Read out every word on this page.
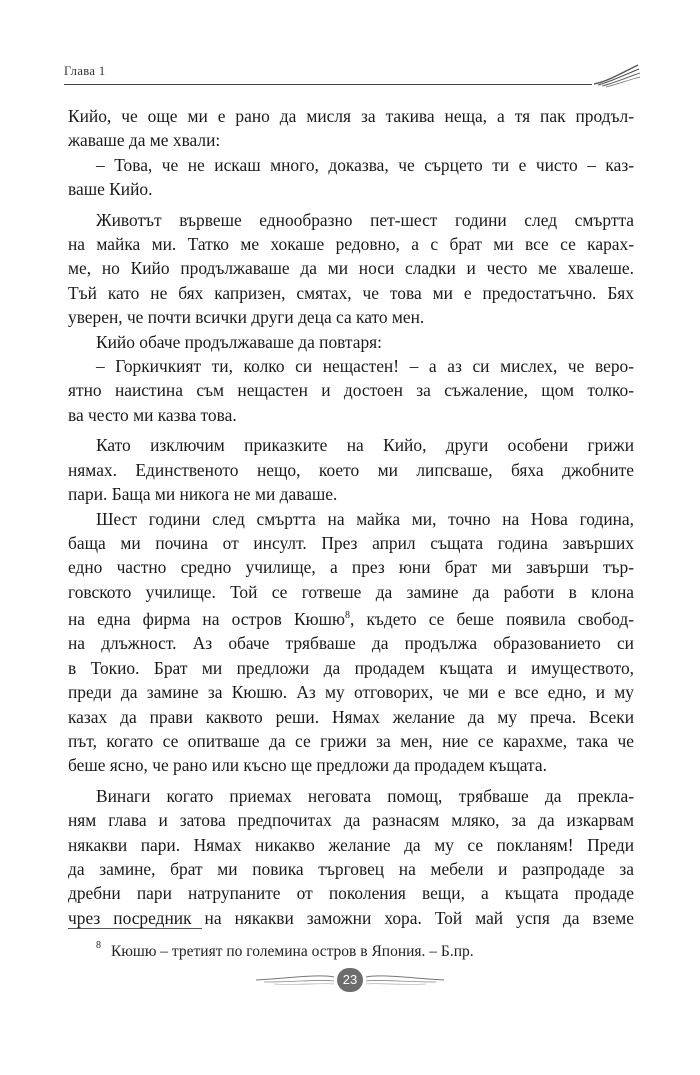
Глава 1

Кийо, че още ми е рано да мисля за такива неща, а тя пак продъл-

жаваше да ме хвали:

– Това, че не искаш много, доказва, че сърцето ти е чисто – каз-

ваше Кийо.

Животът вървеше еднообразно пет-шест години след смъртта

на майка ми. Татко ме хокаше редовно, а с брат ми все се карах-

ме, но Кийо продължаваше да ми носи сладки и често ме хвалеше.

Тъй като не бях капризен, смятах, че това ми е предостатъчно. Бях

уверен, че почти всички други деца са като мен.

Кийо обаче продължаваше да повтаря:

– Горкичкият ти, колко си нещастен! – а аз си мислех, че веро-

ятно наистина съм нещастен и достоен за съжаление, щом толко-

ва често ми казва това.

Като изключим приказките на Кийо, други особени грижи

нямах. Единственото нещо, което ми липсваше, бяха джобните

пари. Баща ми никога не ми даваше.

Шест години след смъртта на майка ми, точно на Нова година,

баща ми почина от инсулт. През април същата година завърших

едно частно средно училище, а през юни брат ми завърши тър-

говското училище. Той се готвеше да замине да работи в клона

на една фирма на остров Кюшю$^8$, където се беше появила свобод-

на длъжност. Аз обаче трябваше да продължа образованието си

в Токио. Брат ми предложи да продадем къщата и имуществото,

преди да замине за Кюшю. Аз му отговорих, че ми е все едно, и му

казах да прави каквото реши. Нямах желание да му преча. Всеки

път, когато се опитваше да се грижи за мен, ние се карахме, така че

беше ясно, че рано или късно ще предложи да продадем къщата.

Винаги когато приемах неговата помощ, трябваше да прекла-

ням глава и затова предпочитах да разнасям мляко, за да изкарвам

някакви пари. Нямах никакво желание да му се покланям! Преди

да замине, брат ми повика търговец на мебели и разпродаде за

дребни пари натрупаните от поколения вещи, а къщата продаде

чрез посредник на някакви заможни хора. Той май успя да вземе

$^8$ Кюшю – третият по големина остров в Япония. – Б.пр.
23
